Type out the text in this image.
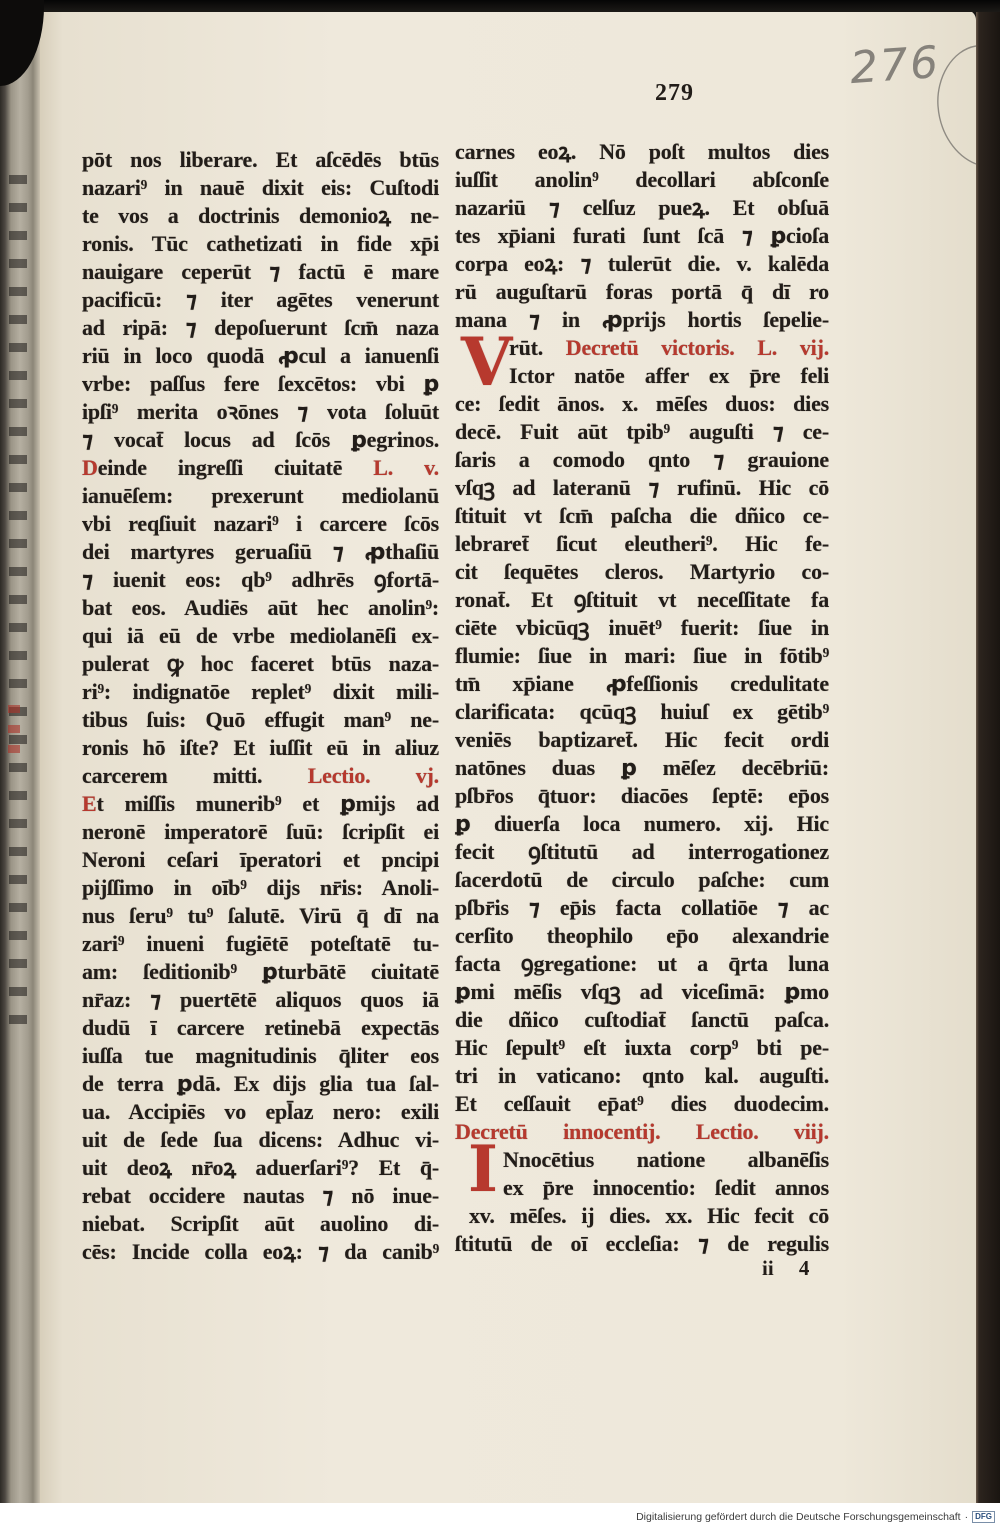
279	276
pōt nos liberare. Et aſcēdēs btūs
nazari⁹ in nauē dixit eis: Cuſtodi
te vos a doctrinis demonioꝝ ne-
ronis. Tūc cathetizati in fide xp̄i
nauigare ceperūt ⁊ factū ē mare
pacificū: ⁊ iter agētes venerunt
ad ripā: ⁊ depoſuerunt ſcm̄ naza
riū in loco quodā ꝓcul a ianuenſi
vrbe: paſſus fere ſexcētos: vbi ꝑ
ipſi⁹ merita oꝛōnes ⁊ vota ſoluūt
⁊ vocat̄ locus ad ſcōs ꝑegrinos.
Deinde ingreſſi ciuitatē L. v.
ianuēſem: prexerunt mediolanū
vbi reqſiuit nazari⁹ i carcere ſcōs
dei martyres geruaſiū ⁊ ꝓthaſiū
⁊ iuenit eos: qb⁹ adhrēs ꝯfortā-
bat eos. Audiēs aūt hec anolin⁹:
qui iā eū de vrbe mediolanēſi ex-
pulerat ꝙ hoc faceret btūs naza-
ri⁹: indignatōe replet⁹ dixit mili-
tibus ſuis: Quō effugit man⁹ ne-
ronis hō iſte? Et iuſſit eū in aliuz
carcerem mitti. Lectio. vj.
Et miſſis munerib⁹ et ꝑmijs ad
neronē imperatorē ſuū: ſcripſit ei
Neroni ceſari īperatori et pncipi
pijſſimo in oīb⁹ dijs nr̄is: Anoli-
nus ſeru⁹ tu⁹ ſalutē. Virū q̄ dī na
zari⁹ inueni fugiētē poteſtatē tu-
am: ſeditionib⁹ ꝑturbātē ciuitatē
nr̄az: ⁊ puertētē aliquos quos iā
dudū ī carcere retinebā expectās
iuſſa tue magnitudinis q̄liter eos
de terra ꝑdā. Ex dijs glia tua ſal-
ua. Accipiēs vo epl̄az nero: exili
uit de ſede ſua dicens: Adhuc vi-
uit deoꝝ nr̄oꝝ aduerſari⁹? Et q̄-
rebat occidere nautas ⁊ nō inue-
niebat. Scripſit aūt auolino di-
cēs: Incide colla eoꝝ: ⁊ da canib⁹
carnes eoꝝ. Nō poſt multos dies
iuſſit anolin⁹ decollari abſconſe
nazariū ⁊ celſuz pueꝝ. Et obſuā
tes xp̄iani furati ſunt ſcā ⁊ ꝑcioſa
corpa eoꝝ: ⁊ tulerūt die. v. kalēda
rū auguſtarū foras portā q̄ dī ro
mana ⁊ in ꝓprijs hortis ſepelie-
rūt. Decretū victoris. L. vij.
Ictor natōe affer ex p̄re feli
ce: ſedit ānos. x. mēſes duos: dies
decē. Fuit aūt tpib⁹ auguſti ⁊ ce-
ſaris a comodo qnto ⁊ grauione
vſqꝫ ad lateranū ⁊ rufinū. Hic cō
ſtituit vt ſcm̄ paſcha die dñico ce-
lebraret̄ ſicut eleutheri⁹. Hic fe-
cit ſequētes cleros. Martyrio co-
ronat̄. Et ꝯſtituit vt neceſſitate fa
ciēte vbicūqꝫ inuēt⁹ fuerit: ſiue in
flumie: ſiue in mari: ſiue in fōtib⁹
tm̄ xp̄iane ꝓfeſſionis credulitate
clarificata: qcūqꝫ huiuſ ex gētib⁹
veniēs baptizaret̄. Hic fecit ordi
natōnes duas ꝑ mēſez decēbriū:
pſbr̄os q̄tuor: diacōes ſeptē: ep̄os
ꝑ diuerſa loca numero. xij. Hic
fecit ꝯſtitutū ad interrogationez
ſacerdotū de circulo paſche: cum
pſbr̄is ⁊ ep̄is facta collatiōe ⁊ ac
cerſito theophilo ep̄o alexandrie
facta ꝯgregatione: ut a q̄rta luna
ꝑmi mēſis vſqꝫ ad viceſimā: ꝑmo
die dñico cuſtodiat̄ ſanctū paſca.
Hic ſepult⁹ eſt iuxta corp⁹ bti pe-
tri in vaticano: qnto kal. auguſti.
Et ceſſauit ep̄at⁹ dies duodecim.
Decretū innocentij. Lectio. viij.
Nnocētius natione albanēſis
ex p̄re innocentio: ſedit annos
xv. mēſes. ij dies. xx. Hic fecit cō
ſtitutū de oī eccleſia: ⁊ de regulis
V
I
ii 4
Digitalisierung gefördert durch die Deutsche Forschungsgemeinschaft · DFG
